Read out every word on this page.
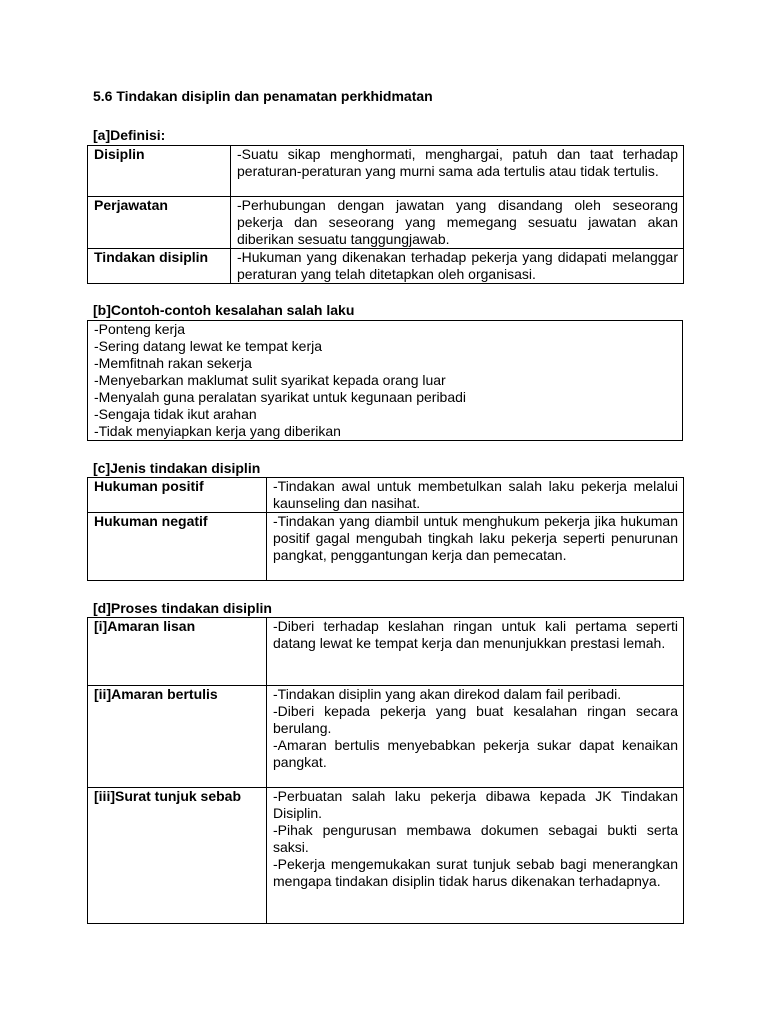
5.6 Tindakan disiplin dan penamatan perkhidmatan
[a]Definisi:
Disiplin	-Suatu sikap menghormati, menghargai, patuh dan taat terhadap peraturan-peraturan yang murni sama ada tertulis atau tidak tertulis.
Perjawatan	-Perhubungan dengan jawatan yang disandang oleh seseorang pekerja dan seseorang yang memegang sesuatu jawatan akan diberikan sesuatu tanggungjawab.
Tindakan disiplin	-Hukuman yang dikenakan terhadap pekerja yang didapati melanggar peraturan yang telah ditetapkan oleh organisasi.
[b]Contoh-contoh kesalahan salah laku
-Ponteng kerja
-Sering datang lewat ke tempat kerja
-Memfitnah rakan sekerja
-Menyebarkan maklumat sulit syarikat kepada orang luar
-Menyalah guna peralatan syarikat untuk kegunaan peribadi
-Sengaja tidak ikut arahan
-Tidak menyiapkan kerja yang diberikan
[c]Jenis tindakan disiplin
Hukuman positif	-Tindakan awal untuk membetulkan salah laku pekerja melalui kaunseling dan nasihat.
Hukuman negatif	-Tindakan yang diambil untuk menghukum pekerja jika hukuman positif gagal mengubah tingkah laku pekerja seperti penurunan pangkat, penggantungan kerja dan pemecatan.
[d]Proses tindakan disiplin
[i]Amaran lisan	-Diberi terhadap keslahan ringan untuk kali pertama seperti datang lewat ke tempat kerja dan menunjukkan prestasi lemah.

[ii]Amaran bertulis	-Tindakan disiplin yang akan direkod dalam fail peribadi.
-Diberi kepada pekerja yang buat kesalahan ringan secara berulang.
-Amaran bertulis menyebabkan pekerja sukar dapat kenaikan pangkat.

[iii]Surat tunjuk sebab	-Perbuatan salah laku pekerja dibawa kepada JK Tindakan Disiplin.
-Pihak pengurusan membawa dokumen sebagai bukti serta saksi.
-Pekerja mengemukakan surat tunjuk sebab bagi menerangkan mengapa tindakan disiplin tidak harus dikenakan terhadapnya.
